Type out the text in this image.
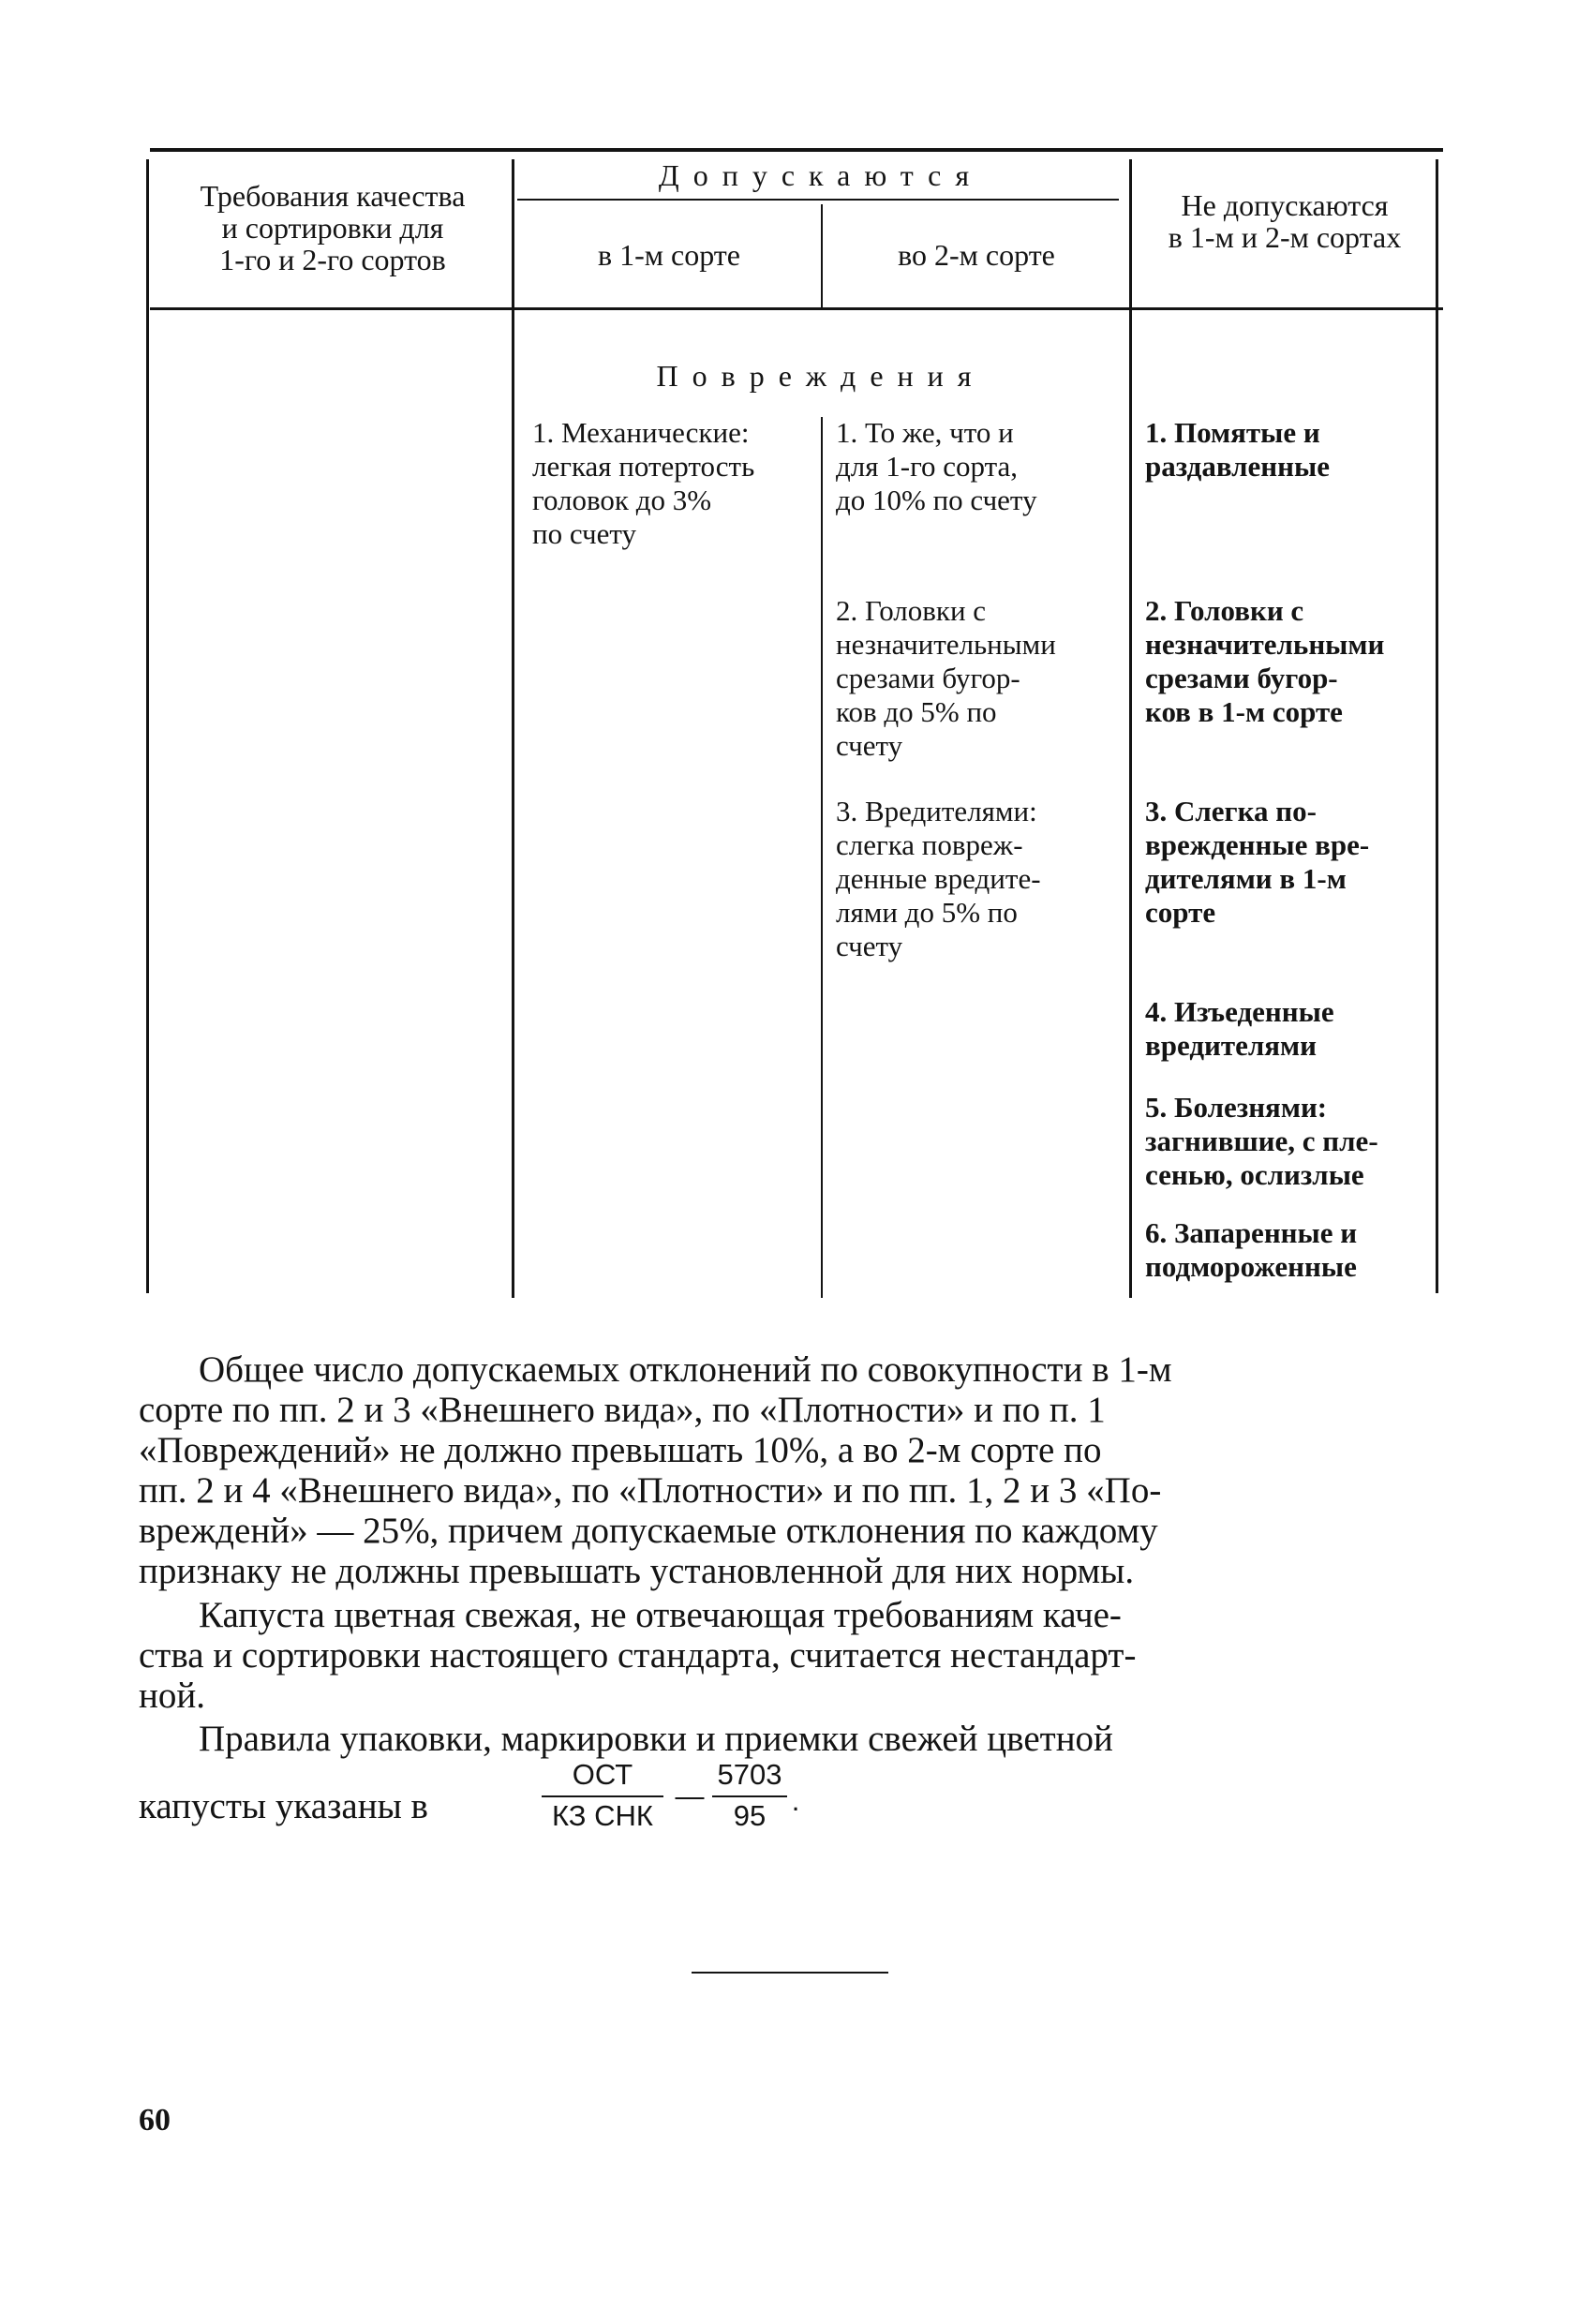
Требования качества
и сортировки для
1-го и 2-го сортов
Допускаются
в 1-м сорте	во 2-м сорте
Не допускаются
в 1-м и 2-м сортах
Повреждения
1. Механические:
легкая потертость
головок до 3%
по счету
1. То же, что и
для 1-го сорта,
до 10% по счету
2. Головки с
незначительными
срезами бугор-
ков до 5% по
счету
3. Вредителями:
слегка повреж-
денные вредите-
лями до 5% по
счету
1. Помятые и
раздавленные
2. Головки с
незначительными
срезами бугор-
ков в 1-м сорте
3. Слегка по-
врежденные вре-
дителями в 1-м
сорте
4. Изъеденные
вредителями
5. Болезнями:
загнившие, с пле-
сенью, ослизлые
6. Запаренные и
подмороженные
Общее число допускаемых отклонений по совокупности в 1-м
сорте по пп. 2 и 3 «Внешнего вида», по «Плотности» и по п. 1
«Повреждений» не должно превышать 10%, а во 2-м сорте по
пп. 2 и 4 «Внешнего вида», по «Плотности» и по пп. 1, 2 и 3 «По-
врежденй» — 25%, причем допускаемые отклонения по каждому
признаку не должны превышать установленной для них нормы.
Капуста цветная свежая, не отвечающая требованиям каче-
ства и сортировки настоящего стандарта, считается нестандарт-
ной.
Правила упаковки, маркировки и приемки свежей цветной
капусты указаны в
ОСТ
КЗ СНК
—
5703
95 .
60
